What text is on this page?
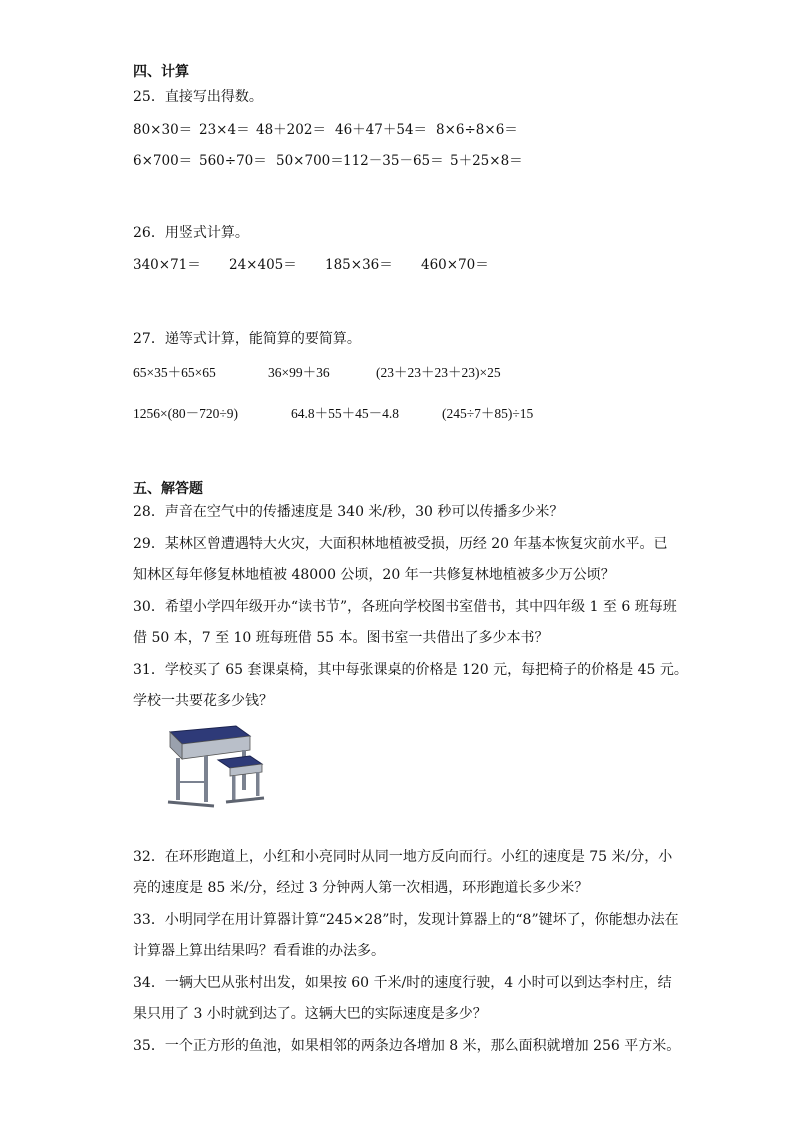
四、计算
25．直接写出得数。
80×30＝ 23×4＝ 48＋202＝ 46＋47＋54＝ 8×6÷8×6＝
6×700＝ 560÷70＝ 50×700＝ 112－35－65＝ 5＋25×8＝
26．用竖式计算。
340×71＝ 24×405＝ 185×36＝ 460×70＝
27．递等式计算，能简算的要简算。
65×35＋65×65	36×99＋36	(23＋23＋23＋23)×25
1256×(80－720÷9)	64.8＋55＋45－4.8	(245÷7＋85)÷15
五、解答题
28．声音在空气中的传播速度是 340 米/秒，30 秒可以传播多少米？
29．某林区曾遭遇特大火灾，大面积林地植被受损，历经 20 年基本恢复灾前水平。已
知林区每年修复林地植被 48000 公顷，20 年一共修复林地植被多少万公顷？
30．希望小学四年级开办“读书节”，各班向学校图书室借书，其中四年级 1 至 6 班每班
借 50 本，7 至 10 班每班借 55 本。图书室一共借出了多少本书？
31．学校买了 65 套课桌椅，其中每张课桌的价格是 120 元，每把椅子的价格是 45 元。
学校一共要花多少钱？
32．在环形跑道上，小红和小亮同时从同一地方反向而行。小红的速度是 75 米/分，小
亮的速度是 85 米/分，经过 3 分钟两人第一次相遇，环形跑道长多少米？
33．小明同学在用计算器计算“245×28”时，发现计算器上的“8”键坏了，你能想办法在
计算器上算出结果吗？看看谁的办法多。
34．一辆大巴从张村出发，如果按 60 千米/时的速度行驶，4 小时可以到达李村庄，结
果只用了 3 小时就到达了。这辆大巴的实际速度是多少？
35．一个正方形的鱼池，如果相邻的两条边各增加 8 米，那么面积就增加 256 平方米。
